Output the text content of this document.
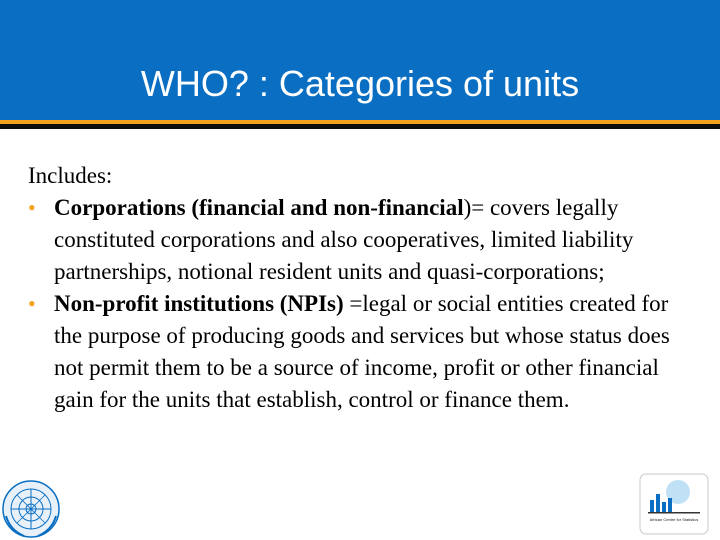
WHO? : Categories of units

Includes:

• Corporations (financial and non-financial)= covers legally constituted corporations and also cooperatives, limited liability partnerships, notional resident units and quasi-corporations;
• Non-profit institutions (NPIs) =legal or social entities created for the purpose of producing goods and services but whose status does not permit them to be a source of income, profit or other financial gain for the units that establish, control or finance them.
African Centre for Statistics
